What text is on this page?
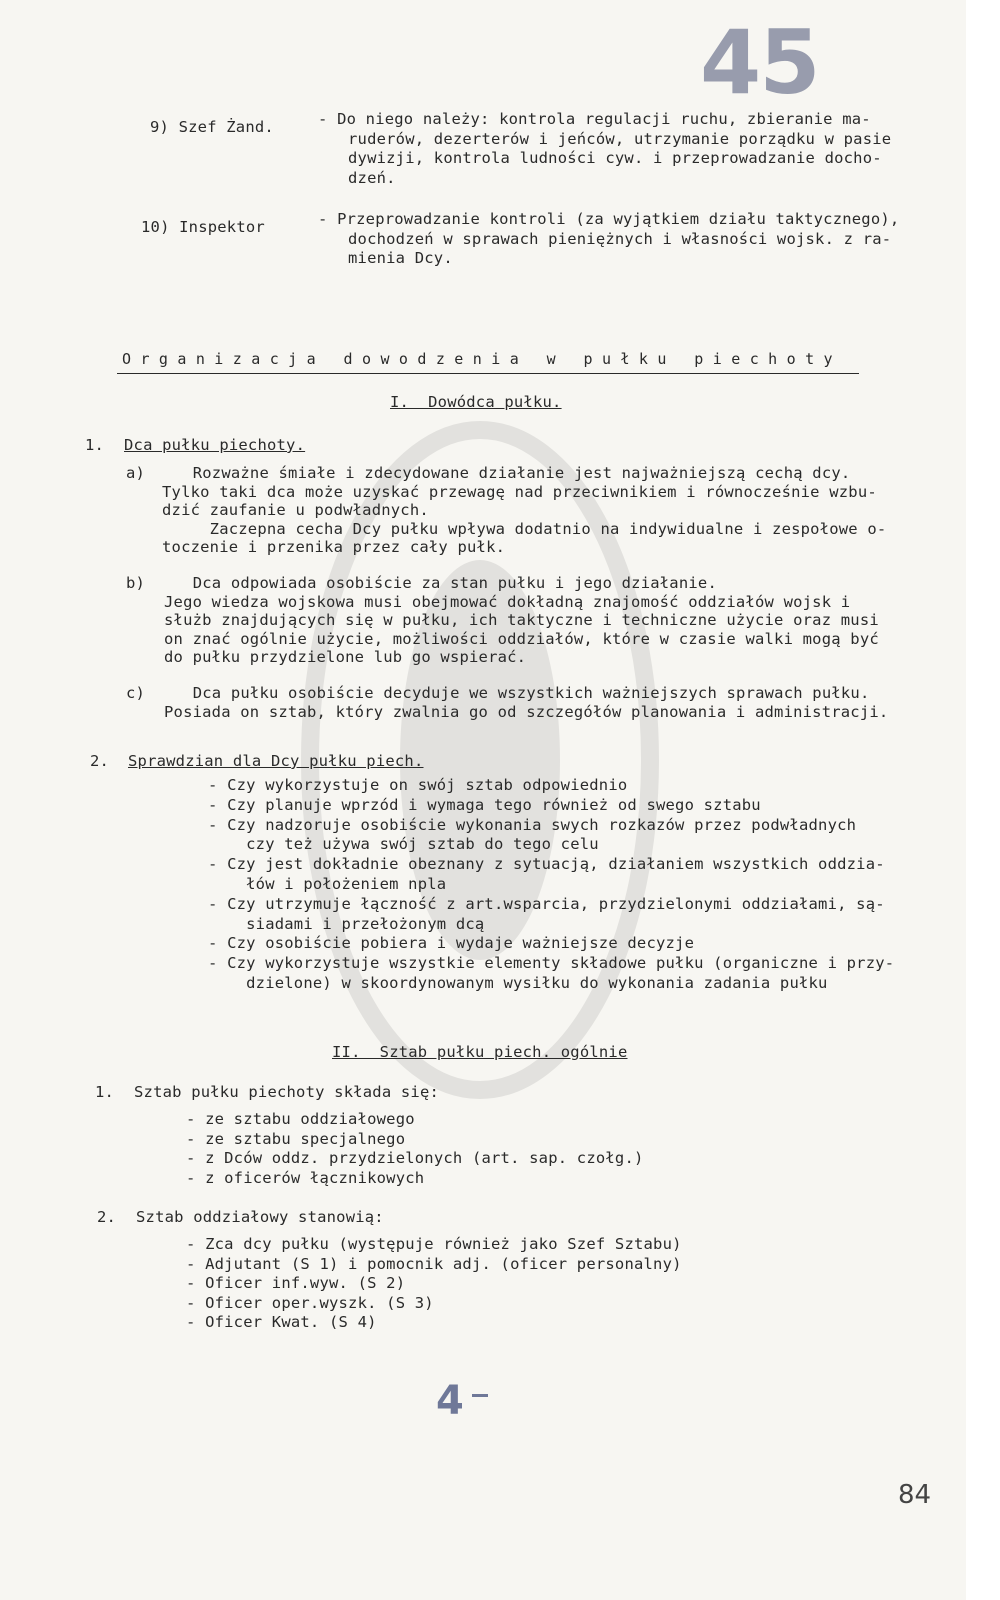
45
9) Szef Żand.	- Do niego należy: kontrola regulacji ruchu, zbieranie ma-
ruderów, dezerterów i jeńców, utrzymanie porządku w pasie
dywizji, kontrola ludności cyw. i przeprowadzanie docho-
dzeń.
10) Inspektor	- Przeprowadzanie kontroli (za wyjątkiem działu taktycznego),
dochodzeń w sprawach pieniężnych i własności wojsk. z ra-
mienia Dcy.
O r g a n i z a c j a   d o w o d z e n i a   w   p u ł k u   p i e c h o t y
I.  Dowódca pułku.
1. Dca pułku piechoty.
a)     Rozważne śmiałe i zdecydowane działanie jest najważniejszą cechą dcy.
Tylko taki dca może uzyskać przewagę nad przeciwnikiem i równocześnie wzbu-
dzić zaufanie u podwładnych.
Zaczepna cecha Dcy pułku wpływa dodatnio na indywidualne i zespołowe o-
toczenie i przenika przez cały pułk.
b)     Dca odpowiada osobiście za stan pułku i jego działanie.
Jego wiedza wojskowa musi obejmować dokładną znajomość oddziałów wojsk i
służb znajdujących się w pułku, ich taktyczne i techniczne użycie oraz musi
on znać ogólnie użycie, możliwości oddziałów, które w czasie walki mogą być
do pułku przydzielone lub go wspierać.
c)     Dca pułku osobiście decyduje we wszystkich ważniejszych sprawach pułku.
Posiada on sztab, który zwalnia go od szczegółów planowania i administracji.
2. Sprawdzian dla Dcy pułku piech.
- Czy wykorzystuje on swój sztab odpowiednio
- Czy planuje wprzód i wymaga tego również od swego sztabu
- Czy nadzoruje osobiście wykonania swych rozkazów przez podwładnych
czy też używa swój sztab do tego celu
- Czy jest dokładnie obeznany z sytuacją, działaniem wszystkich oddzia-
łów i położeniem npla
- Czy utrzymuje łączność z art.wsparcia, przydzielonymi oddziałami, są-
siadami i przełożonym dcą
- Czy osobiście pobiera i wydaje ważniejsze decyzje
- Czy wykorzystuje wszystkie elementy składowe pułku (organiczne i przy-
dzielone) w skoordynowanym wysiłku do wykonania zadania pułku
II.  Sztab pułku piech. ogólnie
1. Sztab pułku piechoty składa się:
- ze sztabu oddziałowego
- ze sztabu specjalnego
- z Dców oddz. przydzielonych (art. sap. czołg.)
- z oficerów łącznikowych
2. Sztab oddziałowy stanowią:
- Zca dcy pułku (występuje również jako Szef Sztabu)
- Adjutant (S 1) i pomocnik adj. (oficer personalny)
- Oficer inf.wyw. (S 2)
- Oficer oper.wyszk. (S 3)
- Oficer Kwat. (S 4)
4
84
